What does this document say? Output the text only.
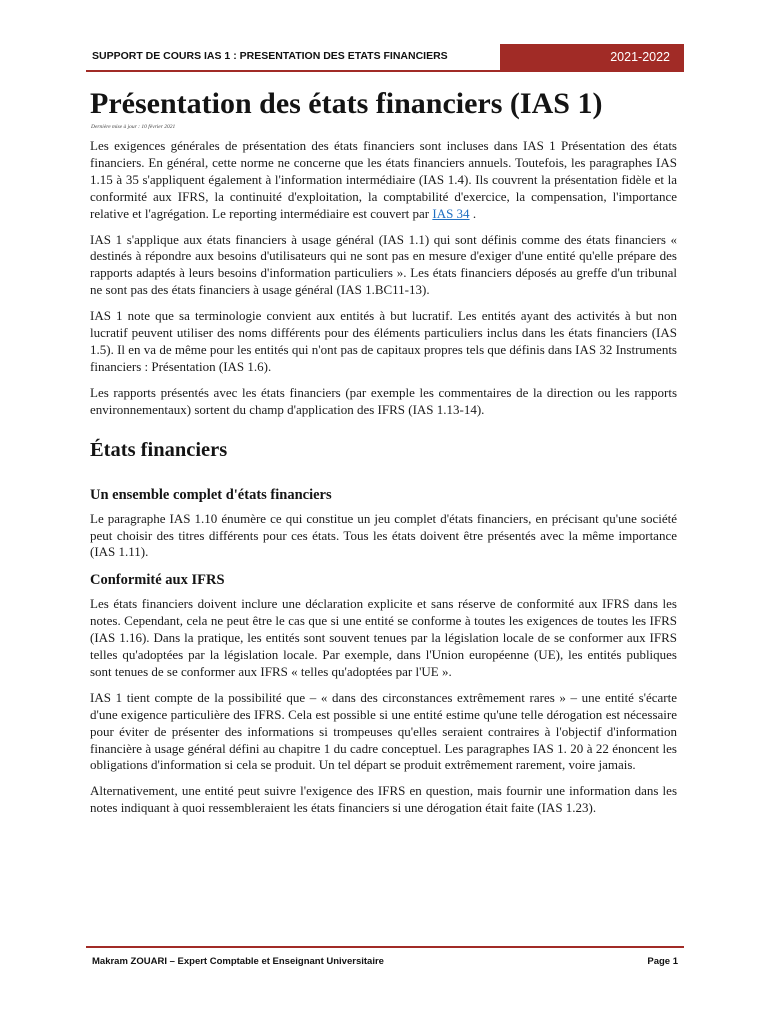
SUPPORT DE COURS IAS 1 : PRESENTATION DES ETATS FINANCIERS	2021-2022
Présentation des états financiers (IAS 1)
Dernière mise à jour : 10 février 2021

Les exigences générales de présentation des états financiers sont incluses dans IAS 1 Présentation des états financiers. En général, cette norme ne concerne que les états financiers annuels. Toutefois, les paragraphes IAS 1.15 à 35 s'appliquent également à l'information intermédiaire (IAS 1.4). Ils couvrent la présentation fidèle et la conformité aux IFRS, la continuité d'exploitation, la comptabilité d'exercice, la compensation, l'importance relative et l'agrégation. Le reporting intermédiaire est couvert par IAS 34 .

IAS 1 s'applique aux états financiers à usage général (IAS 1.1) qui sont définis comme des états financiers « destinés à répondre aux besoins d'utilisateurs qui ne sont pas en mesure d'exiger d'une entité qu'elle prépare des rapports adaptés à leurs besoins d'information particuliers ». Les états financiers déposés au greffe d'un tribunal ne sont pas des états financiers à usage général (IAS 1.BC11-13).

IAS 1 note que sa terminologie convient aux entités à but lucratif. Les entités ayant des activités à but non lucratif peuvent utiliser des noms différents pour des éléments particuliers inclus dans les états financiers (IAS 1.5). Il en va de même pour les entités qui n'ont pas de capitaux propres tels que définis dans IAS 32 Instruments financiers : Présentation (IAS 1.6).

Les rapports présentés avec les états financiers (par exemple les commentaires de la direction ou les rapports environnementaux) sortent du champ d'application des IFRS (IAS 1.13-14).

États financiers
Un ensemble complet d'états financiers

Le paragraphe IAS 1.10 énumère ce qui constitue un jeu complet d'états financiers, en précisant qu'une société peut choisir des titres différents pour ces états. Tous les états doivent être présentés avec la même importance (IAS 1.11).

Conformité aux IFRS

Les états financiers doivent inclure une déclaration explicite et sans réserve de conformité aux IFRS dans les notes. Cependant, cela ne peut être le cas que si une entité se conforme à toutes les exigences de toutes les IFRS (IAS 1.16). Dans la pratique, les entités sont souvent tenues par la législation locale de se conformer aux IFRS telles qu'adoptées par la législation locale. Par exemple, dans l'Union européenne (UE), les entités publiques sont tenues de se conformer aux IFRS « telles qu'adoptées par l'UE ».

IAS 1 tient compte de la possibilité que – « dans des circonstances extrêmement rares » – une entité s'écarte d'une exigence particulière des IFRS. Cela est possible si une entité estime qu'une telle dérogation est nécessaire pour éviter de présenter des informations si trompeuses qu'elles seraient contraires à l'objectif d'information financière à usage général défini au chapitre 1 du cadre conceptuel. Les paragraphes IAS 1. 20 à 22 énoncent les obligations d'information si cela se produit. Un tel départ se produit extrêmement rarement, voire jamais.

Alternativement, une entité peut suivre l'exigence des IFRS en question, mais fournir une information dans les notes indiquant à quoi ressembleraient les états financiers si une dérogation était faite (IAS 1.23).

Makram ZOUARI – Expert Comptable et Enseignant Universitaire	Page 1
